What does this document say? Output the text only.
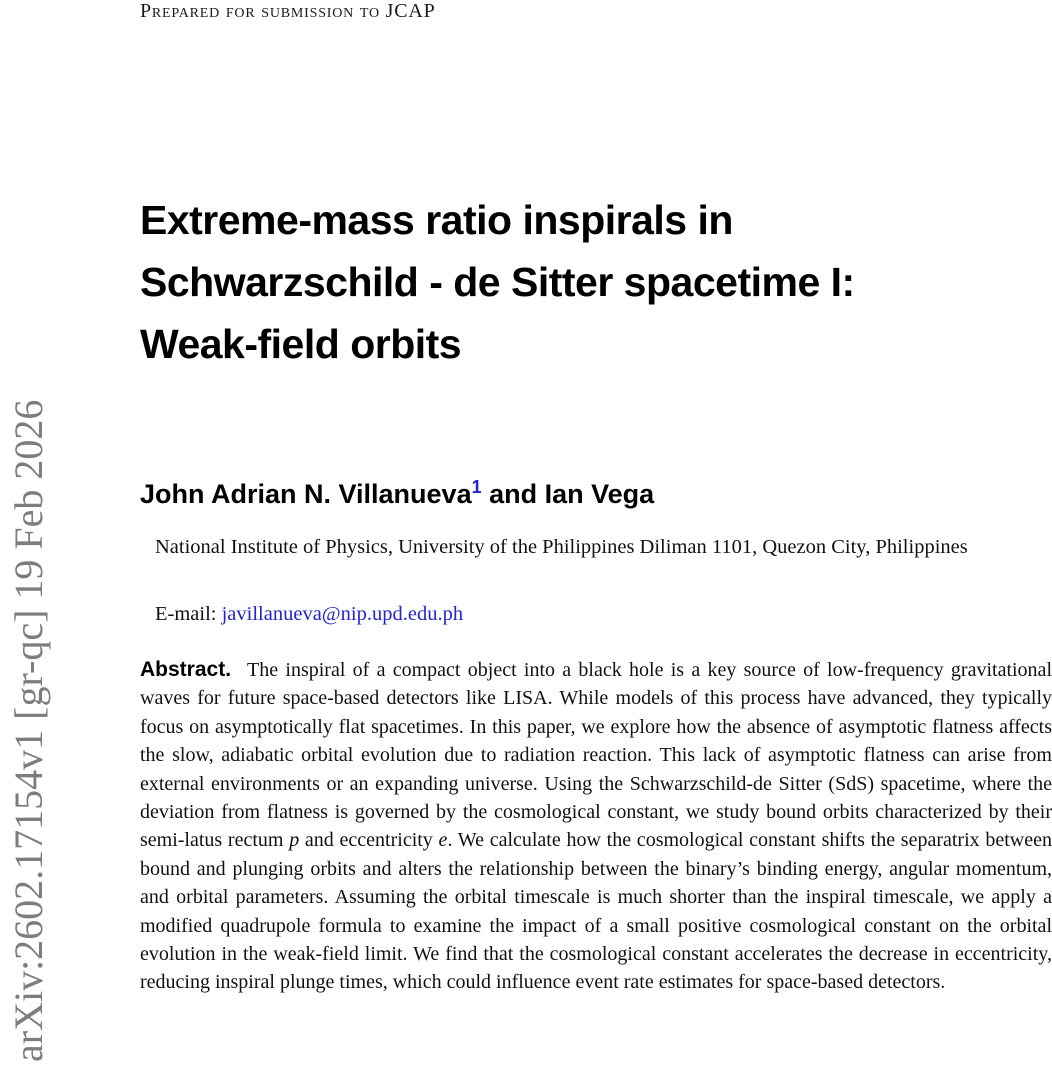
Prepared for submission to JCAP
arXiv:2602.17154v1 [gr-qc] 19 Feb 2026
Extreme-mass ratio inspirals in
Schwarzschild - de Sitter spacetime I:
Weak-field orbits
John Adrian N. Villanueva$^1$ and Ian Vega
National Institute of Physics, University of the Philippines Diliman 1101, Quezon City, Philippines
E-mail: javillanueva@nip.upd.edu.ph
Abstract. The inspiral of a compact object into a black hole is a key source of low-frequency gravitational waves for future space-based detectors like LISA. While models of this process have advanced, they typically focus on asymptotically flat spacetimes. In this paper, we explore how the absence of asymptotic flatness affects the slow, adiabatic orbital evolution due to radiation reaction. This lack of asymptotic flatness can arise from external environments or an expanding universe. Using the Schwarzschild-de Sitter (SdS) spacetime, where the deviation from flatness is governed by the cosmological constant, we study bound orbits characterized by their semi-latus rectum p and eccentricity e. We calculate how the cosmological constant shifts the separatrix between bound and plunging orbits and alters the relationship between the binary’s binding energy, angular momentum, and orbital parameters. Assuming the orbital timescale is much shorter than the inspiral timescale, we apply a modified quadrupole formula to examine the impact of a small positive cosmological constant on the orbital evolution in the weak-field limit. We find that the cosmological constant accelerates the decrease in eccentricity, reducing inspiral plunge times, which could influence event rate estimates for space-based detectors.
